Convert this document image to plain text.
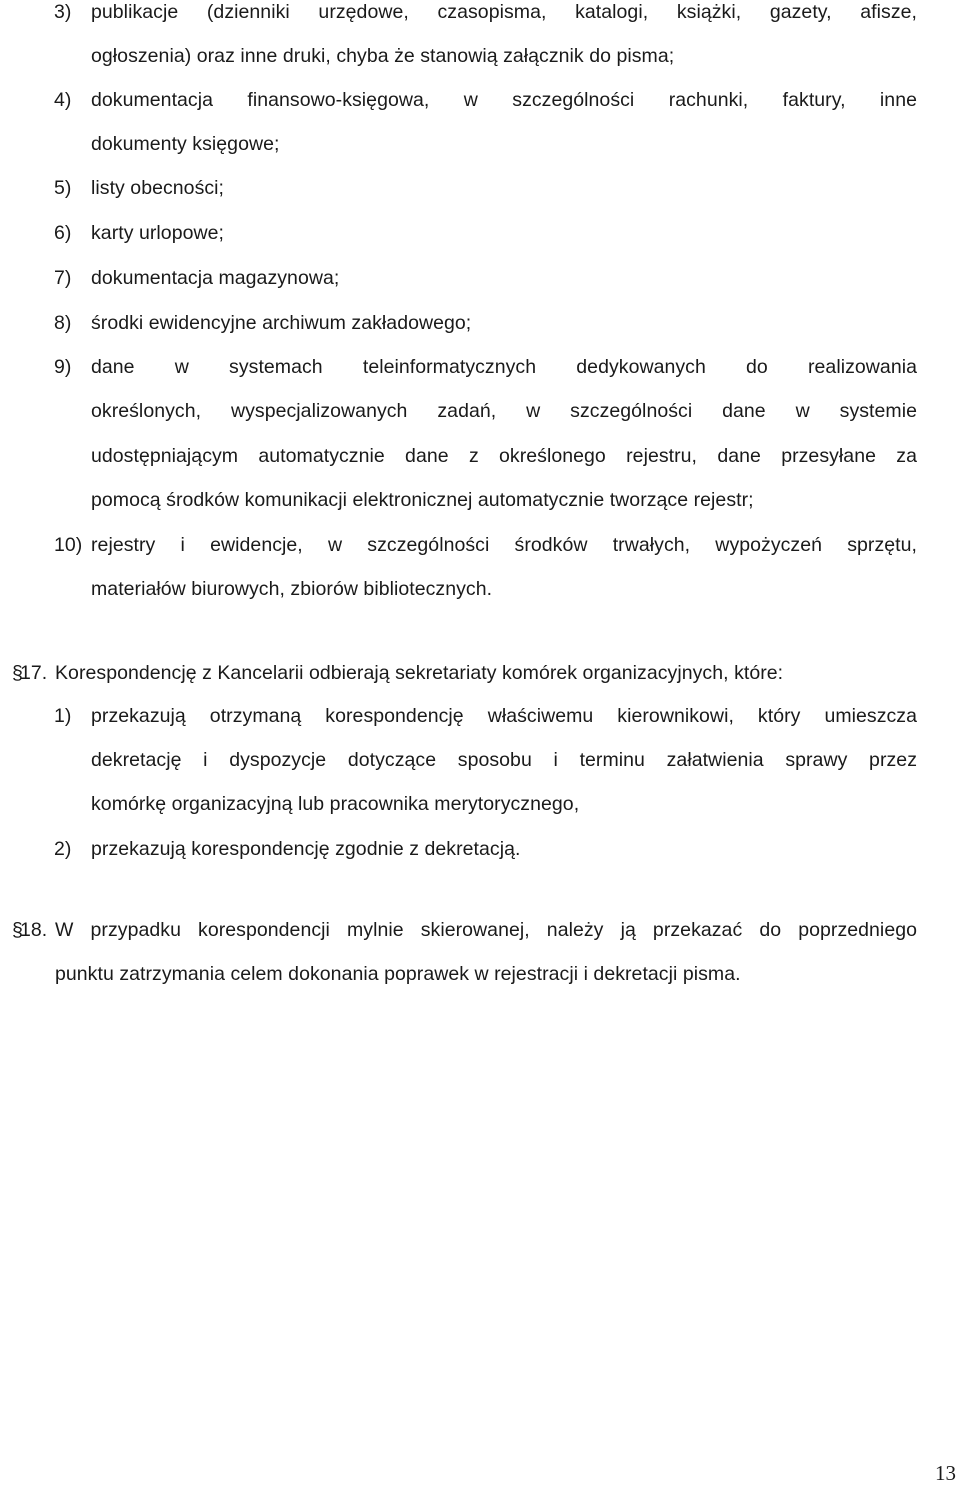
3) publikacje (dzienniki urzędowe, czasopisma, katalogi, książki, gazety, afisze,
ogłoszenia) oraz inne druki, chyba że stanowią załącznik do pisma;
4) dokumentacja finansowo-księgowa, w szczególności rachunki, faktury, inne
dokumenty księgowe;
5) listy obecności;
6) karty urlopowe;
7) dokumentacja magazynowa;
8) środki ewidencyjne archiwum zakładowego;
9) dane w systemach teleinformatycznych dedykowanych do realizowania
określonych, wyspecjalizowanych zadań, w szczególności dane w systemie
udostępniającym automatycznie dane z określonego rejestru, dane przesyłane za
pomocą środków komunikacji elektronicznej automatycznie tworzące rejestr;
10) rejestry i ewidencje, w szczególności środków trwałych, wypożyczeń sprzętu,
materiałów biurowych, zbiorów bibliotecznych.
§
17. Korespondencję z Kancelarii odbierają sekretariaty komórek organizacyjnych, które:
1) przekazują otrzymaną korespondencję właściwemu kierownikowi, który umieszcza
dekretację i dyspozycje dotyczące sposobu i terminu załatwienia sprawy przez
komórkę organizacyjną lub pracownika merytorycznego,
2) przekazują korespondencję zgodnie z dekretacją.
§
18. W przypadku korespondencji mylnie skierowanej, należy ją przekazać do poprzedniego
punktu zatrzymania celem dokonania poprawek w rejestracji i dekretacji pisma.
13
